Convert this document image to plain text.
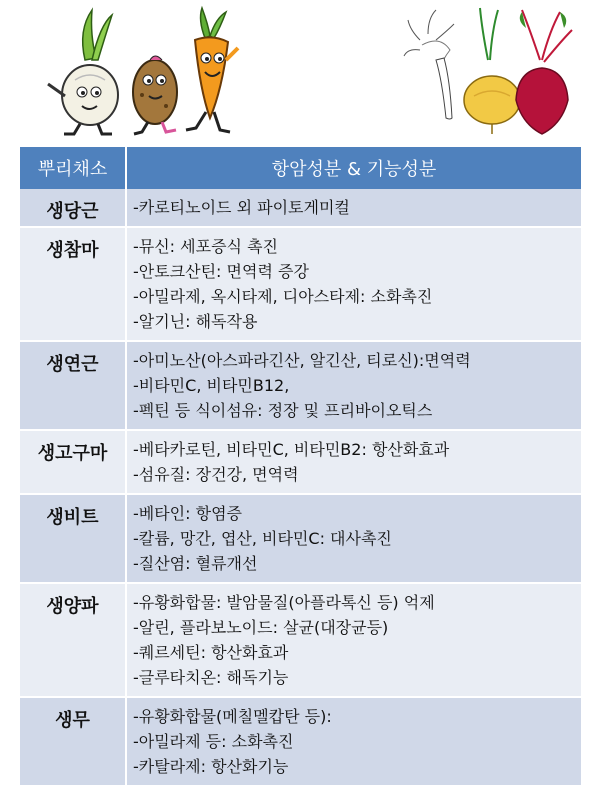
뿌리채소	항암성분 & 기능성분
생당근	-카로티노이드 외 파이토게미컬

생참마	-뮤신: 세포증식 촉진
-안토크산틴: 면역력 증강
-아밀라제, 옥시타제, 디아스타제: 소화촉진
-알기닌: 해독작용

생연근	-아미노산(아스파라긴산, 알긴산, 티로신):면역력
-비타민C, 비타민B12,
-펙틴 등 식이섬유: 정장 및 프리바이오틱스

생고구마	-베타카로틴, 비타민C, 비타민B2: 항산화효과
-섬유질: 장건강, 면역력

생비트	-베타인: 항염증
-칼륨, 망간, 엽산, 비타민C: 대사촉진
-질산염: 혈류개선

생양파	-유황화합물: 발암물질(아플라톡신 등) 억제
-알린, 플라보노이드: 살균(대장균등)
-퀘르세틴: 항산화효과
-글루타치온: 해독기능

생무	-유황화합물(메칠멜캅탄 등):
-아밀라제 등: 소화촉진
-카탈라제: 항산화기능
